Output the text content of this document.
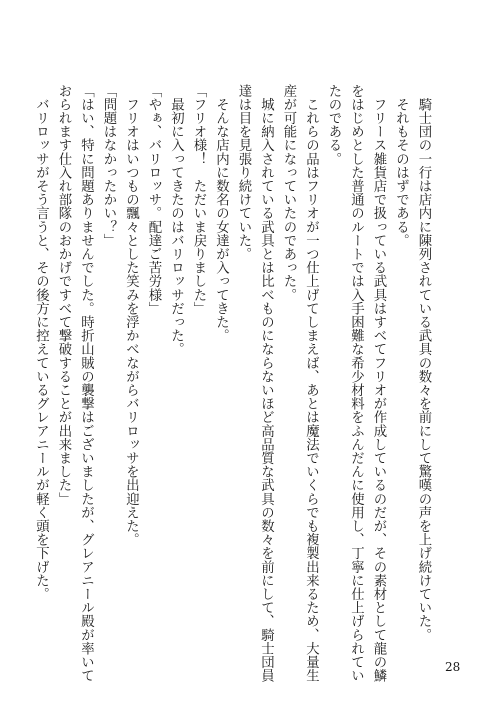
　騎士団の一行は店内に陳列されている武具の数々を前にして驚嘆の声を上げ続けていた。
　それもそのはずである。
　フリース雑貨店で扱っている武具はすべてフリオが作成しているのだが、その素材として龍の鱗
をはじめとした普通のルートでは入手困難な希少材料をふんだんに使用し、丁寧に仕上げられてい
たのである。
　これらの品はフリオが一つ仕上げてしまえば、あとは魔法でいくらでも複製出来るため、大量生
産が可能になっていたのであった。
　城に納入されている武具とは比べものにならないほど高品質な武具の数々を前にして、騎士団員
達は目を見張り続けていた。
　そんな店内に数名の女達が入ってきた。
「フリオ様！　ただいま戻りました」
　最初に入ってきたのはバリロッサだった。
「やぁ、バリロッサ。配達ご苦労様」
　フリオはいつもの飄々とした笑みを浮かべながらバリロッサを出迎えた。
「問題はなかったかい？」
「はい、特に問題ありませんでした。時折山賊の襲撃はございましたが、グレアニール殿が率いて
おられます仕入れ部隊のおかげですべて撃破することが出来ました」
　バリロッサがそう言うと、その後方に控えているグレアニールが軽く頭を下げた。
28
